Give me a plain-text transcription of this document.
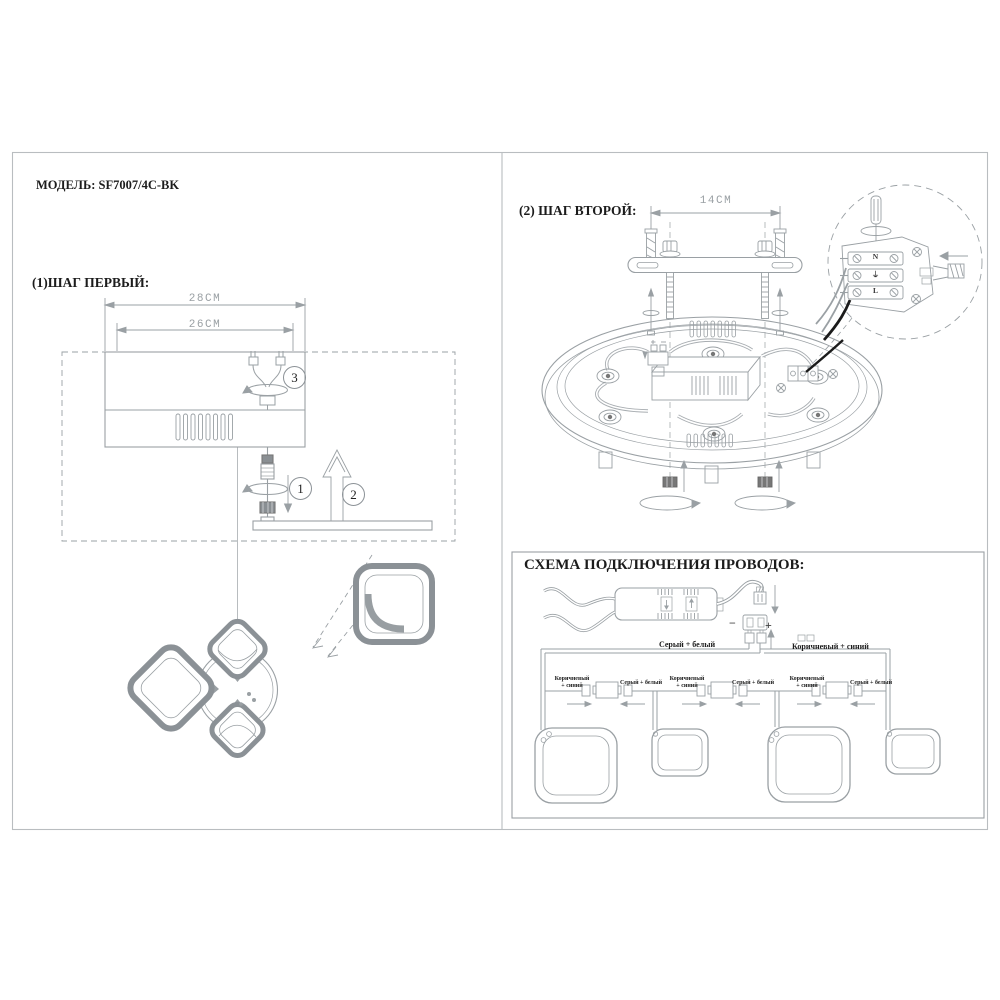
МОДЕЛЬ: SF7007/4C-BK
(1)ШАГ ПЕРВЫЙ:
(2) ШАГ ВТОРОЙ:
СХЕМА ПОДКЛЮЧЕНИЯ ПРОВОДОВ:
28CM
26CM
14CM
3
1	2
N
⏚
L
− +
Серый + белый	Коричневый + синий
Коричневый
+ синий
Серый + белый
Коричневый
+ синий
Серый + белый
Коричневый
+ синий
Серый + белый
